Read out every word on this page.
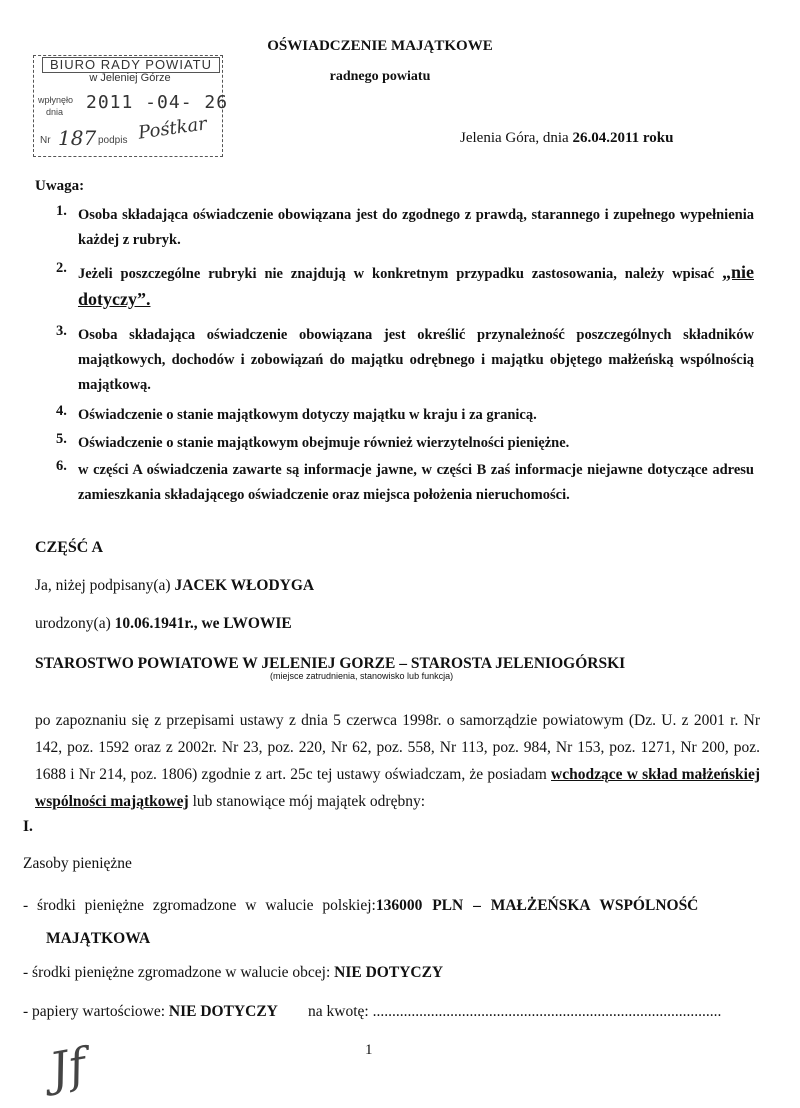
BIURO RADY POWIATU
w Jeleniej Górze
wpłynęło
dnia 2011 -04- 26
Nr 187 podpis Pośtkar
OŚWIADCZENIE MAJĄTKOWE
radnego powiatu
Jelenia Góra, dnia 26.04.2011 roku
Uwaga:
1. Osoba składająca oświadczenie obowiązana jest do zgodnego z prawdą, starannego i zupełnego wypełnienia każdej z rubryk.
2. Jeżeli poszczególne rubryki nie znajdują w konkretnym przypadku zastosowania, należy wpisać „nie dotyczy”.
3. Osoba składająca oświadczenie obowiązana jest określić przynależność poszczególnych składników majątkowych, dochodów i zobowiązań do majątku odrębnego i majątku objętego małżeńską wspólnością majątkową.
4. Oświadczenie o stanie majątkowym dotyczy majątku w kraju i za granicą.
5. Oświadczenie o stanie majątkowym obejmuje również wierzytelności pieniężne.
6. w części A oświadczenia zawarte są informacje jawne, w części B zaś informacje niejawne dotyczące adresu zamieszkania składającego oświadczenie oraz miejsca położenia nieruchomości.
CZĘŚĆ A
Ja, niżej podpisany(a) JACEK WŁODYGA
urodzony(a) 10.06.1941r., we LWOWIE
STAROSTWO POWIATOWE W JELENIEJ GORZE – STAROSTA JELENIOGÓRSKI
(miejsce zatrudnienia, stanowisko lub funkcja)
po zapoznaniu się z przepisami ustawy z dnia 5 czerwca 1998r. o samorządzie powiatowym (Dz. U. z 2001 r. Nr 142, poz. 1592 oraz z 2002r. Nr 23, poz. 220, Nr 62, poz. 558, Nr 113, poz. 984, Nr 153, poz. 1271, Nr 200, poz. 1688 i Nr 214, poz. 1806) zgodnie z art. 25c tej ustawy oświadczam, że posiadam wchodzące w skład małżeńskiej wspólności majątkowej lub stanowiące mój majątek odrębny:
I.
Zasoby pieniężne
- środki pieniężne zgromadzone w walucie polskiej: 136000 PLN – MAŁŻEŃSKA WSPÓLNOŚĆ
MAJĄTKOWA
- środki pieniężne zgromadzone w walucie obcej: NIE DOTYCZY
- papiery wartościowe: NIE DOTYCZY na kwotę: ..........................................................................................
1
Jf
